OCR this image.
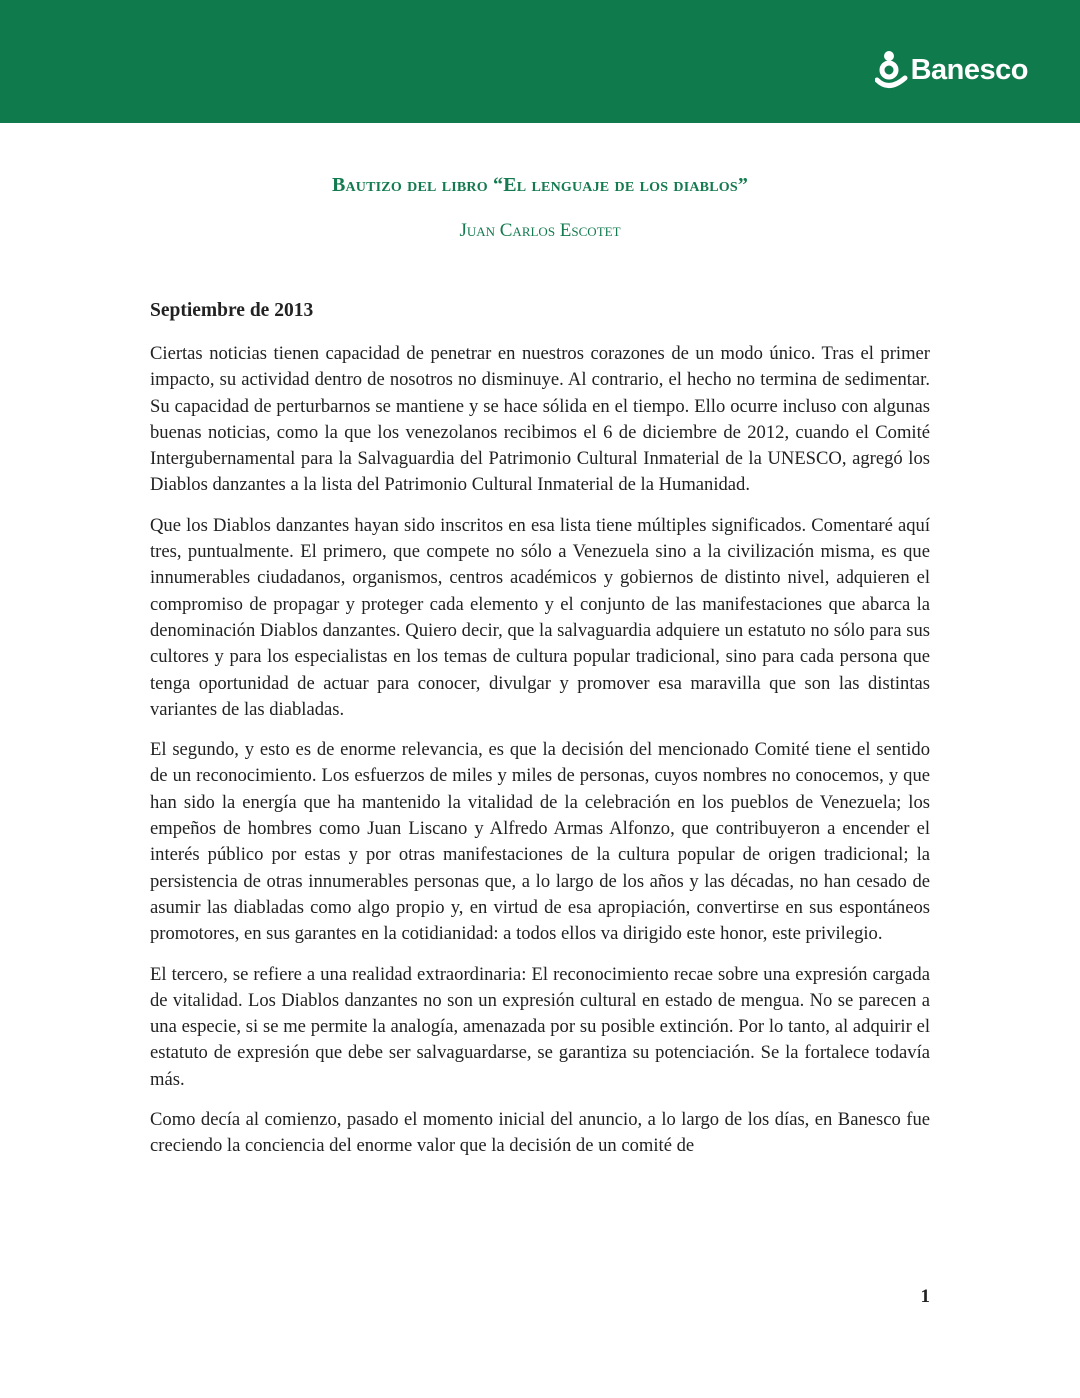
Banesco
Bautizo del libro “El lenguaje de los diablos”

Juan Carlos Escotet

Septiembre de 2013

Ciertas noticias tienen capacidad de penetrar en nuestros corazones de un modo único. Tras el primer impacto, su actividad dentro de nosotros no disminuye. Al contrario, el hecho no termina de sedimentar. Su capacidad de perturbarnos se mantiene y se hace sólida en el tiempo. Ello ocurre incluso con algunas buenas noticias, como la que los venezolanos recibimos el 6 de diciembre de 2012, cuando el Comité Intergubernamental para la Salvaguardia del Patrimonio Cultural Inmaterial de la UNESCO, agregó los Diablos danzantes a la lista del Patrimonio Cultural Inmaterial de la Humanidad.

Que los Diablos danzantes hayan sido inscritos en esa lista tiene múltiples significados. Comentaré aquí tres, puntualmente. El primero, que compete no sólo a Venezuela sino a la civilización misma, es que innumerables ciudadanos, organismos, centros académicos y gobiernos de distinto nivel, adquieren el compromiso de propagar y proteger cada elemento y el conjunto de las manifestaciones que abarca la denominación Diablos danzantes. Quiero decir, que la salvaguardia adquiere un estatuto no sólo para sus cultores y para los especialistas en los temas de cultura popular tradicional, sino para cada persona que tenga oportunidad de actuar para conocer, divulgar y promover esa maravilla que son las distintas variantes de las diabladas.

El segundo, y esto es de enorme relevancia, es que la decisión del mencionado Comité tiene el sentido de un reconocimiento. Los esfuerzos de miles y miles de personas, cuyos nombres no conocemos, y que han sido la energía que ha mantenido la vitalidad de la celebración en los pueblos de Venezuela; los empeños de hombres como Juan Liscano y Alfredo Armas Alfonzo, que contribuyeron a encender el interés público por estas y por otras manifestaciones de la cultura popular de origen tradicional; la persistencia de otras innumerables personas que, a lo largo de los años y las décadas, no han cesado de asumir las diabladas como algo propio y, en virtud de esa apropiación, convertirse en sus espontáneos promotores, en sus garantes en la cotidianidad: a todos ellos va dirigido este honor, este privilegio.

El tercero, se refiere a una realidad extraordinaria: El reconocimiento recae sobre una expresión cargada de vitalidad. Los Diablos danzantes no son un expresión cultural en estado de mengua. No se parecen a una especie, si se me permite la analogía, amenazada por su posible extinción. Por lo tanto, al adquirir el estatuto de expresión que debe ser salvaguardarse, se garantiza su potenciación. Se la fortalece todavía más.

Como decía al comienzo, pasado el momento inicial del anuncio, a lo largo de los días, en Banesco fue creciendo la conciencia del enorme valor que la decisión de un comité de

1
